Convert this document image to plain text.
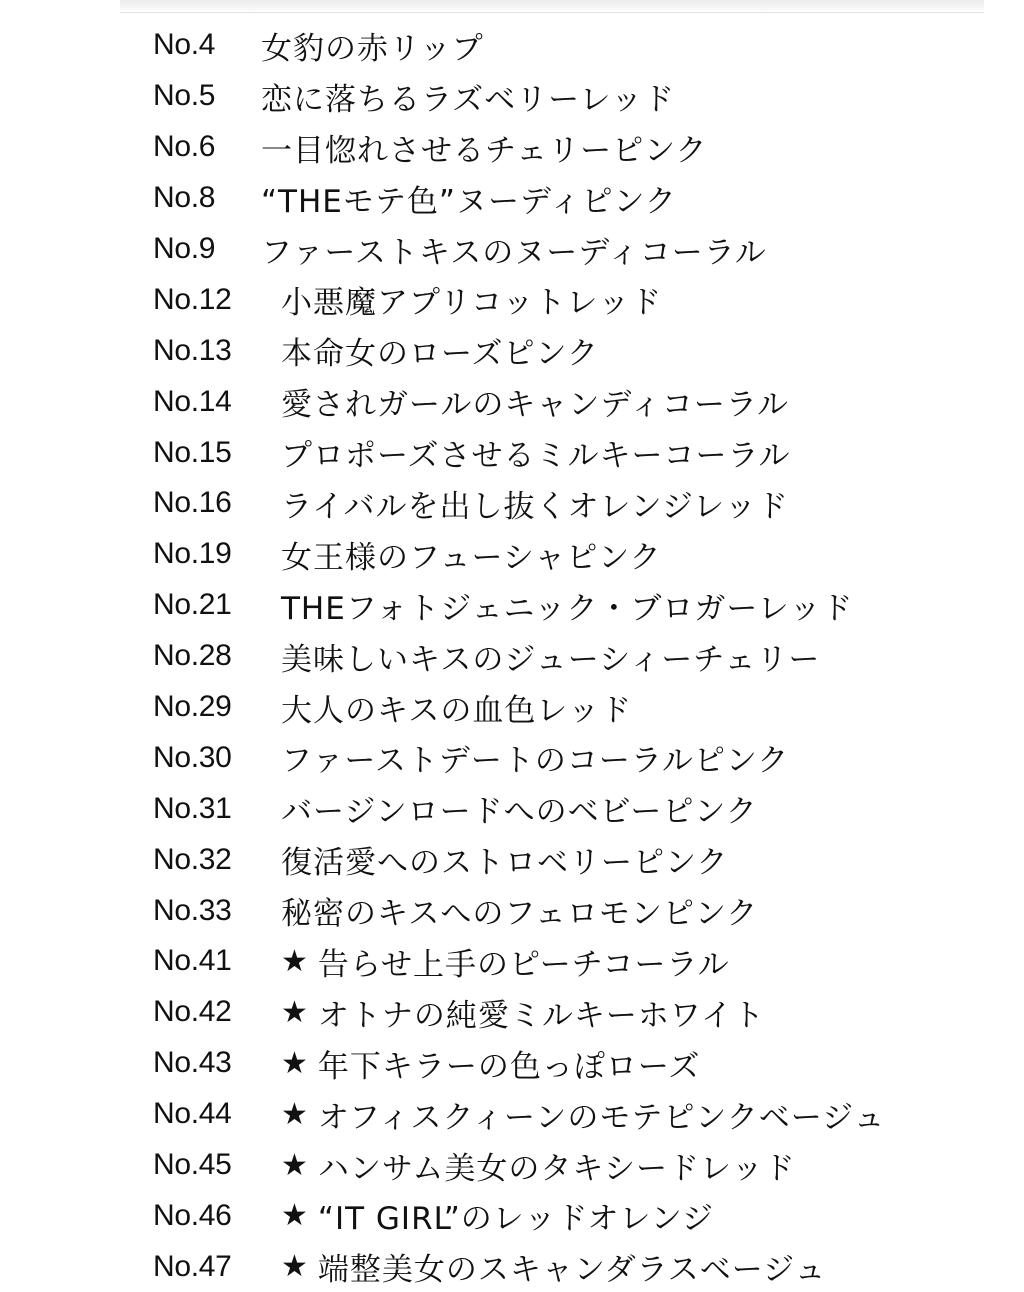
No.4	女豹の赤リップ
No.5	恋に落ちるラズベリーレッド
No.6	一目惚れさせるチェリーピンク
No.8	“THEモテ色”ヌーディピンク
No.9	ファーストキスのヌーディコーラル
No.12	小悪魔アプリコットレッド
No.13	本命女のローズピンク
No.14	愛されガールのキャンディコーラル
No.15	プロポーズさせるミルキーコーラル
No.16	ライバルを出し抜くオレンジレッド
No.19	女王様のフューシャピンク
No.21	THEフォトジェニック・ブロガーレッド
No.28	美味しいキスのジューシィーチェリー
No.29	大人のキスの血色レッド
No.30	ファーストデートのコーラルピンク
No.31	バージンロードへのベビーピンク
No.32	復活愛へのストロベリーピンク
No.33	秘密のキスへのフェロモンピンク
No.41	★ 告らせ上手のピーチコーラル
No.42	★ オトナの純愛ミルキーホワイト
No.43	★ 年下キラーの色っぽローズ
No.44	★ オフィスクィーンのモテピンクベージュ
No.45	★ ハンサム美女のタキシードレッド
No.46	★ “IT GIRL”のレッドオレンジ
No.47	★ 端整美女のスキャンダラスベージュ
